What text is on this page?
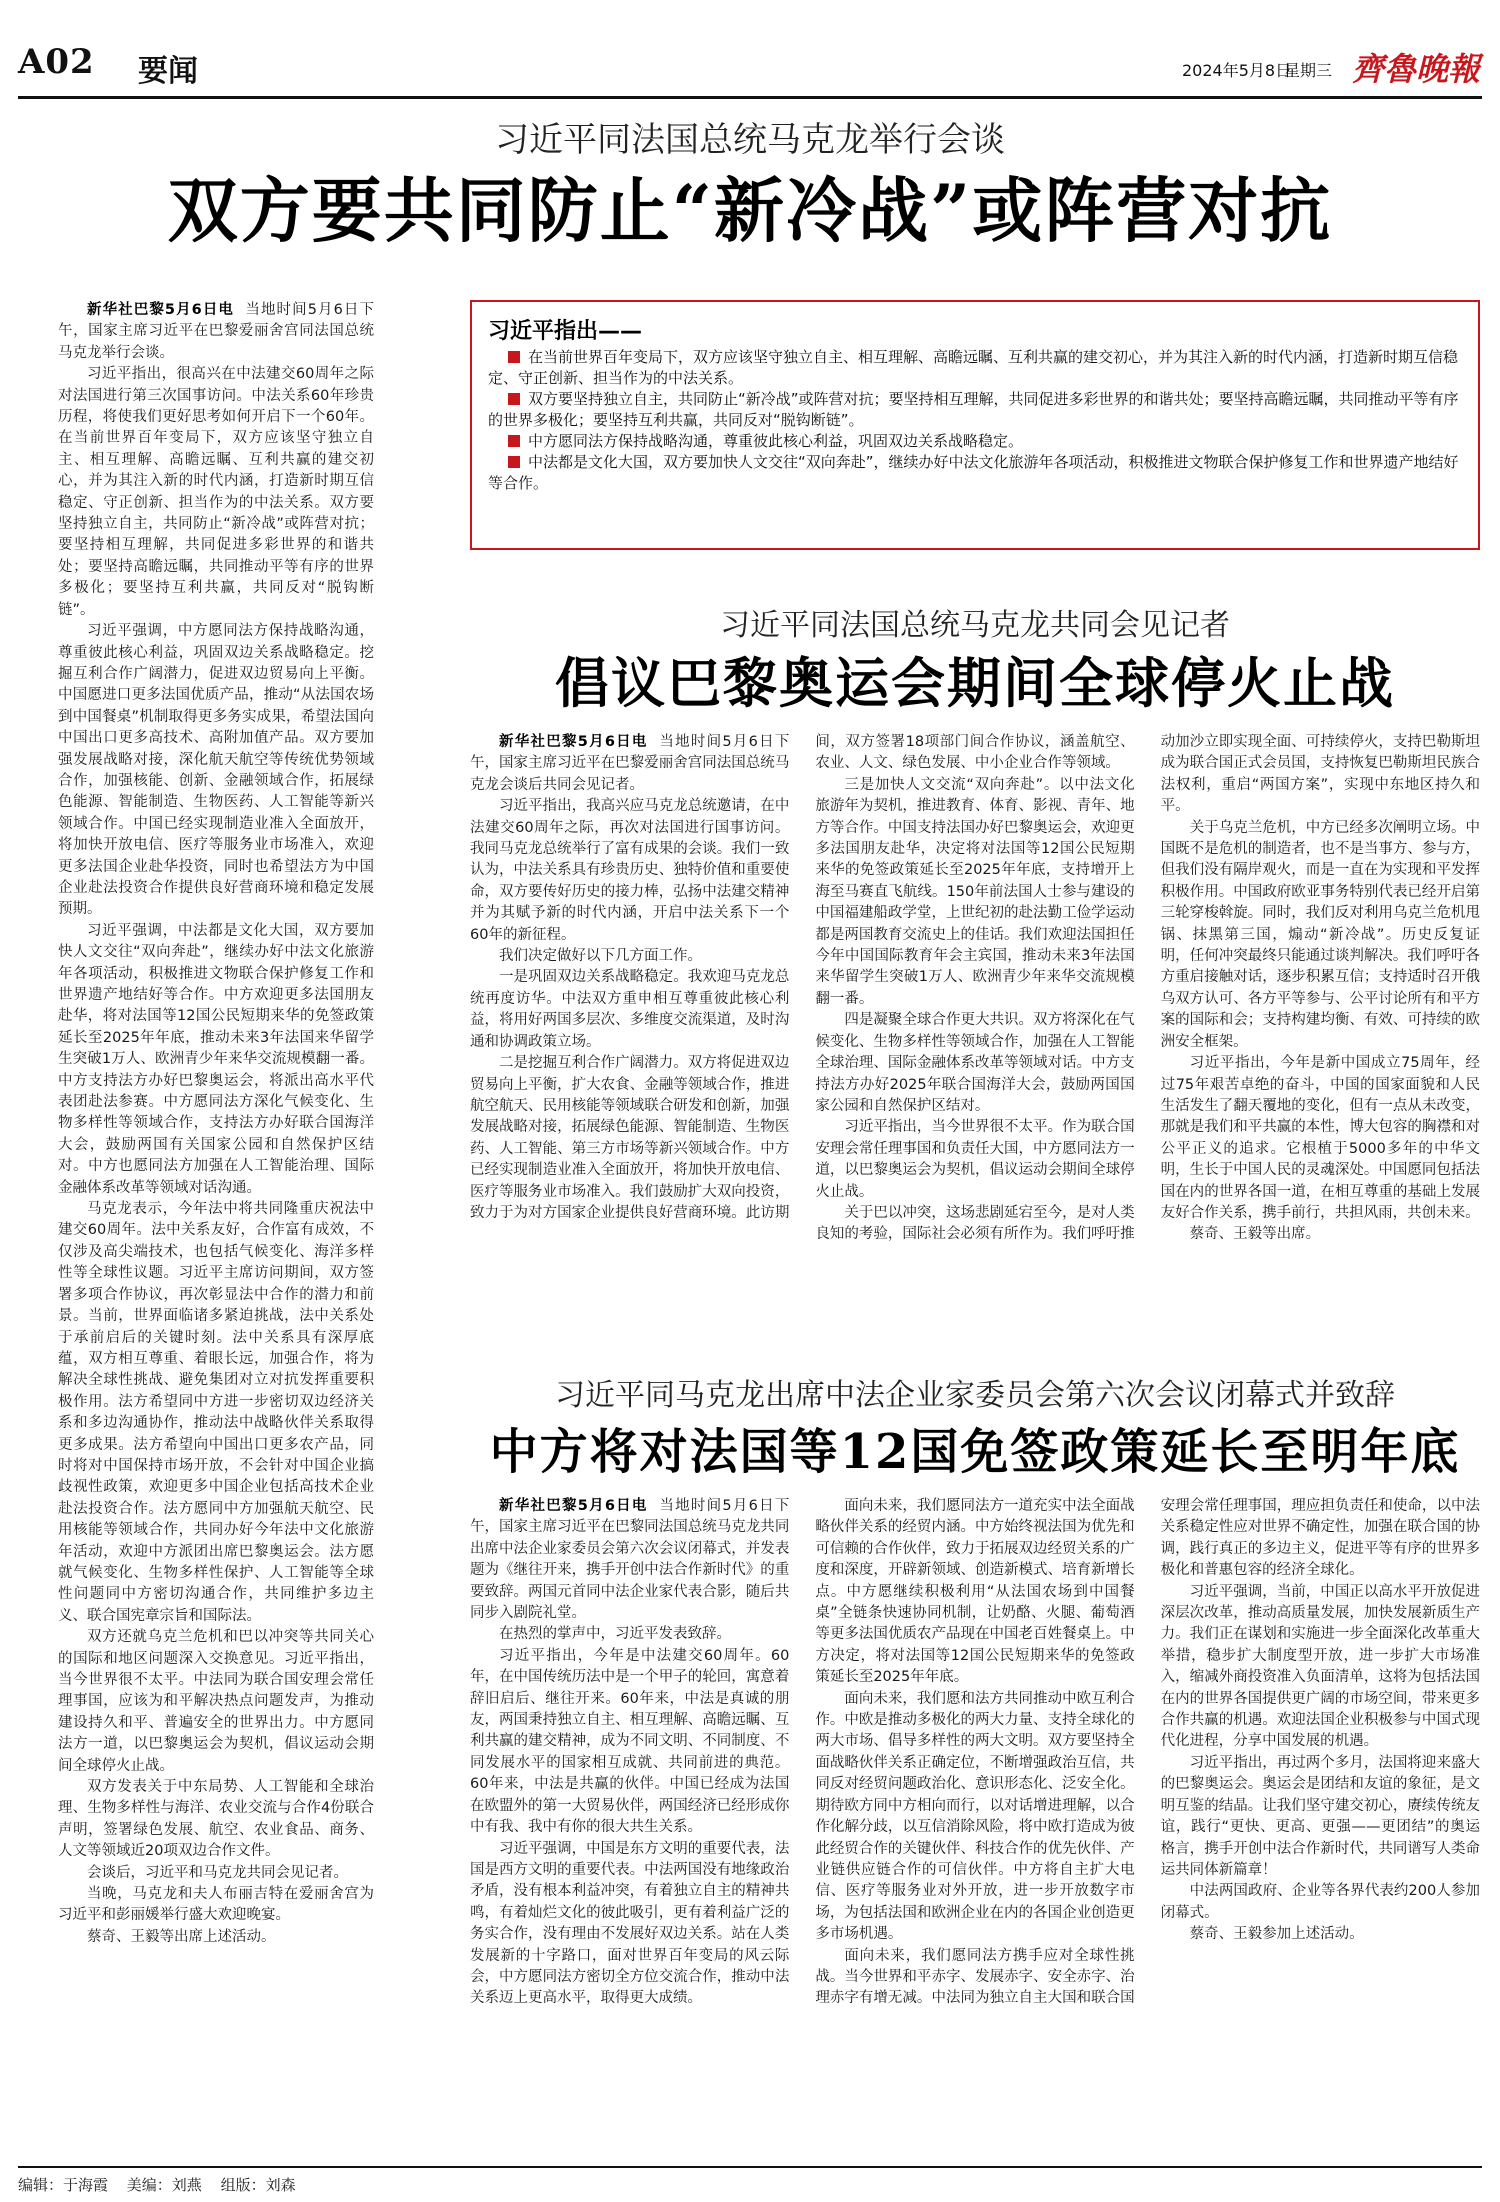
A02 要闻	2024年5月8日
星期三 齊魯晚報
习近平同法国总统马克龙举行会谈
双方要共同防止“新冷战”或阵营对抗

新华社巴黎5月6日电 当地时间5月6日下午，国家主席习近平在巴黎爱丽舍宫同法国总统马克龙举行会谈。

习近平指出，很高兴在中法建交60周年之际对法国进行第三次国事访问。中法关系60年珍贵历程，将使我们更好思考如何开启下一个60年。在当前世界百年变局下，双方应该坚守独立自主、相互理解、高瞻远瞩、互利共赢的建交初心，并为其注入新的时代内涵，打造新时期互信稳定、守正创新、担当作为的中法关系。双方要坚持独立自主，共同防止“新冷战”或阵营对抗；要坚持相互理解，共同促进多彩世界的和谐共处；要坚持高瞻远瞩，共同推动平等有序的世界多极化；要坚持互利共赢，共同反对“脱钩断链”。

习近平强调，中方愿同法方保持战略沟通，尊重彼此核心利益，巩固双边关系战略稳定。挖掘互利合作广阔潜力，促进双边贸易向上平衡。中国愿进口更多法国优质产品，推动“从法国农场到中国餐桌”机制取得更多务实成果，希望法国向中国出口更多高技术、高附加值产品。双方要加强发展战略对接，深化航天航空等传统优势领域合作，加强核能、创新、金融领域合作，拓展绿色能源、智能制造、生物医药、人工智能等新兴领域合作。中国已经实现制造业准入全面放开，将加快开放电信、医疗等服务业市场准入，欢迎更多法国企业赴华投资，同时也希望法方为中国企业赴法投资合作提供良好营商环境和稳定发展预期。

习近平强调，中法都是文化大国，双方要加快人文交往“双向奔赴”，继续办好中法文化旅游年各项活动，积极推进文物联合保护修复工作和世界遗产地结好等合作。中方欢迎更多法国朋友赴华，将对法国等12国公民短期来华的免签政策延长至2025年年底，推动未来3年法国来华留学生突破1万人、欧洲青少年来华交流规模翻一番。中方支持法方办好巴黎奥运会，将派出高水平代表团赴法参赛。中方愿同法方深化气候变化、生物多样性等领域合作，支持法方办好联合国海洋大会，鼓励两国有关国家公园和自然保护区结对。中方也愿同法方加强在人工智能治理、国际金融体系改革等领域对话沟通。

马克龙表示，今年法中将共同隆重庆祝法中建交60周年。法中关系友好，合作富有成效，不仅涉及高尖端技术，也包括气候变化、海洋多样性等全球性议题。习近平主席访问期间，双方签署多项合作协议，再次彰显法中合作的潜力和前景。当前，世界面临诸多紧迫挑战，法中关系处于承前启后的关键时刻。法中关系具有深厚底蕴，双方相互尊重、着眼长远，加强合作，将为解决全球性挑战、避免集团对立对抗发挥重要积极作用。法方希望同中方进一步密切双边经济关系和多边沟通协作，推动法中战略伙伴关系取得更多成果。法方希望向中国出口更多农产品，同时将对中国保持市场开放，不会针对中国企业搞歧视性政策，欢迎更多中国企业包括高技术企业赴法投资合作。法方愿同中方加强航天航空、民用核能等领域合作，共同办好今年法中文化旅游年活动，欢迎中方派团出席巴黎奥运会。法方愿就气候变化、生物多样性保护、人工智能等全球性问题同中方密切沟通合作，共同维护多边主义、联合国宪章宗旨和国际法。

双方还就乌克兰危机和巴以冲突等共同关心的国际和地区问题深入交换意见。习近平指出，当今世界很不太平。中法同为联合国安理会常任理事国，应该为和平解决热点问题发声，为推动建设持久和平、普遍安全的世界出力。中方愿同法方一道，以巴黎奥运会为契机，倡议运动会期间全球停火止战。

双方发表关于中东局势、人工智能和全球治理、生物多样性与海洋、农业交流与合作4份联合声明，签署绿色发展、航空、农业食品、商务、人文等领域近20项双边合作文件。

会谈后，习近平和马克龙共同会见记者。

当晚，马克龙和夫人布丽吉特在爱丽舍宫为习近平和彭丽媛举行盛大欢迎晚宴。

蔡奇、王毅等出席上述活动。

习近平指出——
在当前世界百年变局下，双方应该坚守独立自主、相互理解、高瞻远瞩、互利共赢的建交初心，并为其注入新的时代内涵，打造新时期互信稳定、守正创新、担当作为的中法关系。
双方要坚持独立自主，共同防止“新冷战”或阵营对抗；要坚持相互理解，共同促进多彩世界的和谐共处；要坚持高瞻远瞩，共同推动平等有序的世界多极化；要坚持互利共赢，共同反对“脱钩断链”。
中方愿同法方保持战略沟通，尊重彼此核心利益，巩固双边关系战略稳定。
中法都是文化大国，双方要加快人文交往“双向奔赴”，继续办好中法文化旅游年各项活动，积极推进文物联合保护修复工作和世界遗产地结好等合作。
习近平同法国总统马克龙共同会见记者
倡议巴黎奥运会期间全球停火止战

新华社巴黎5月6日电 当地时间5月6日下午，国家主席习近平在巴黎爱丽舍宫同法国总统马克龙会谈后共同会见记者。

习近平指出，我高兴应马克龙总统邀请，在中法建交60周年之际，再次对法国进行国事访问。我同马克龙总统举行了富有成果的会谈。我们一致认为，中法关系具有珍贵历史、独特价值和重要使命，双方要传好历史的接力棒，弘扬中法建交精神并为其赋予新的时代内涵，开启中法关系下一个60年的新征程。

我们决定做好以下几方面工作。

一是巩固双边关系战略稳定。我欢迎马克龙总统再度访华。中法双方重申相互尊重彼此核心利益，将用好两国多层次、多维度交流渠道，及时沟通和协调政策立场。

二是挖掘互利合作广阔潜力。双方将促进双边贸易向上平衡，扩大农食、金融等领域合作，推进航空航天、民用核能等领域联合研发和创新，加强发展战略对接，拓展绿色能源、智能制造、生物医药、人工智能、第三方市场等新兴领域合作。中方已经实现制造业准入全面放开，将加快开放电信、医疗等服务业市场准入。我们鼓励扩大双向投资，致力于为对方国家企业提供良好营商环境。此访期间，双方签署18项部门间合作协议，涵盖航空、农业、人文、绿色发展、中小企业合作等领域。

三是加快人文交流“双向奔赴”。以中法文化旅游年为契机，推进教育、体育、影视、青年、地方等合作。中国支持法国办好巴黎奥运会，欢迎更多法国朋友赴华，决定将对法国等12国公民短期来华的免签政策延长至2025年年底，支持增开上海至马赛直飞航线。150年前法国人士参与建设的中国福建船政学堂，上世纪初的赴法勤工俭学运动都是两国教育交流史上的佳话。我们欢迎法国担任今年中国国际教育年会主宾国，推动未来3年法国来华留学生突破1万人、欧洲青少年来华交流规模翻一番。

四是凝聚全球合作更大共识。双方将深化在气候变化、生物多样性等领域合作，加强在人工智能全球治理、国际金融体系改革等领域对话。中方支持法方办好2025年联合国海洋大会，鼓励两国国家公园和自然保护区结对。

习近平指出，当今世界很不太平。作为联合国安理会常任理事国和负责任大国，中方愿同法方一道，以巴黎奥运会为契机，倡议运动会期间全球停火止战。

关于巴以冲突，这场悲剧延宕至今，是对人类良知的考验，国际社会必须有所作为。我们呼吁推动加沙立即实现全面、可持续停火，支持巴勒斯坦成为联合国正式会员国，支持恢复巴勒斯坦民族合法权利，重启“两国方案”，实现中东地区持久和平。

关于乌克兰危机，中方已经多次阐明立场。中国既不是危机的制造者，也不是当事方、参与方，但我们没有隔岸观火，而是一直在为实现和平发挥积极作用。中国政府欧亚事务特别代表已经开启第三轮穿梭斡旋。同时，我们反对利用乌克兰危机甩锅、抹黑第三国，煽动“新冷战”。历史反复证明，任何冲突最终只能通过谈判解决。我们呼吁各方重启接触对话，逐步积累互信；支持适时召开俄乌双方认可、各方平等参与、公平讨论所有和平方案的国际和会；支持构建均衡、有效、可持续的欧洲安全框架。

习近平指出，今年是新中国成立75周年，经过75年艰苦卓绝的奋斗，中国的国家面貌和人民生活发生了翻天覆地的变化，但有一点从未改变，那就是我们和平共赢的本性，博大包容的胸襟和对公平正义的追求。它根植于5000多年的中华文明，生长于中国人民的灵魂深处。中国愿同包括法国在内的世界各国一道，在相互尊重的基础上发展友好合作关系，携手前行，共担风雨，共创未来。

蔡奇、王毅等出席。

习近平同马克龙出席中法企业家委员会第六次会议闭幕式并致辞
中方将对法国等12国免签政策延长至明年底

新华社巴黎5月6日电 当地时间5月6日下午，国家主席习近平在巴黎同法国总统马克龙共同出席中法企业家委员会第六次会议闭幕式，并发表题为《继往开来，携手开创中法合作新时代》的重要致辞。两国元首同中法企业家代表合影，随后共同步入剧院礼堂。

在热烈的掌声中，习近平发表致辞。

习近平指出，今年是中法建交60周年。60年，在中国传统历法中是一个甲子的轮回，寓意着辞旧启后、继往开来。60年来，中法是真诚的朋友，两国秉持独立自主、相互理解、高瞻远瞩、互利共赢的建交精神，成为不同文明、不同制度、不同发展水平的国家相互成就、共同前进的典范。60年来，中法是共赢的伙伴。中国已经成为法国在欧盟外的第一大贸易伙伴，两国经济已经形成你中有我、我中有你的很大共生关系。

习近平强调，中国是东方文明的重要代表，法国是西方文明的重要代表。中法两国没有地缘政治矛盾，没有根本利益冲突，有着独立自主的精神共鸣，有着灿烂文化的彼此吸引，更有着利益广泛的务实合作，没有理由不发展好双边关系。站在人类发展新的十字路口，面对世界百年变局的风云际会，中方愿同法方密切全方位交流合作，推动中法关系迈上更高水平，取得更大成绩。

面向未来，我们愿同法方一道充实中法全面战略伙伴关系的经贸内涵。中方始终视法国为优先和可信赖的合作伙伴，致力于拓展双边经贸关系的广度和深度，开辟新领域、创造新模式、培育新增长点。中方愿继续积极利用“从法国农场到中国餐桌”全链条快速协同机制，让奶酪、火腿、葡萄酒等更多法国优质农产品现在中国老百姓餐桌上。中方决定，将对法国等12国公民短期来华的免签政策延长至2025年年底。

面向未来，我们愿和法方共同推动中欧互利合作。中欧是推动多极化的两大力量、支持全球化的两大市场、倡导多样性的两大文明。双方要坚持全面战略伙伴关系正确定位，不断增强政治互信，共同反对经贸问题政治化、意识形态化、泛安全化。期待欧方同中方相向而行，以对话增进理解，以合作化解分歧，以互信消除风险，将中欧打造成为彼此经贸合作的关键伙伴、科技合作的优先伙伴、产业链供应链合作的可信伙伴。中方将自主扩大电信、医疗等服务业对外开放，进一步开放数字市场，为包括法国和欧洲企业在内的各国企业创造更多市场机遇。

面向未来，我们愿同法方携手应对全球性挑战。当今世界和平赤字、发展赤字、安全赤字、治理赤字有增无减。中法同为独立自主大国和联合国安理会常任理事国，理应担负责任和使命，以中法关系稳定性应对世界不确定性，加强在联合国的协调，践行真正的多边主义，促进平等有序的世界多极化和普惠包容的经济全球化。

习近平强调，当前，中国正以高水平开放促进深层次改革，推动高质量发展，加快发展新质生产力。我们正在谋划和实施进一步全面深化改革重大举措，稳步扩大制度型开放，进一步扩大市场准入，缩减外商投资准入负面清单，这将为包括法国在内的世界各国提供更广阔的市场空间，带来更多合作共赢的机遇。欢迎法国企业积极参与中国式现代化进程，分享中国发展的机遇。

习近平指出，再过两个多月，法国将迎来盛大的巴黎奥运会。奥运会是团结和友谊的象征，是文明互鉴的结晶。让我们坚守建交初心，赓续传统友谊，践行“更快、更高、更强——更团结”的奥运格言，携手开创中法合作新时代，共同谱写人类命运共同体新篇章！

中法两国政府、企业等各界代表约200人参加闭幕式。

蔡奇、王毅参加上述活动。

编辑：于海霞 美编：刘燕 组版：刘森
